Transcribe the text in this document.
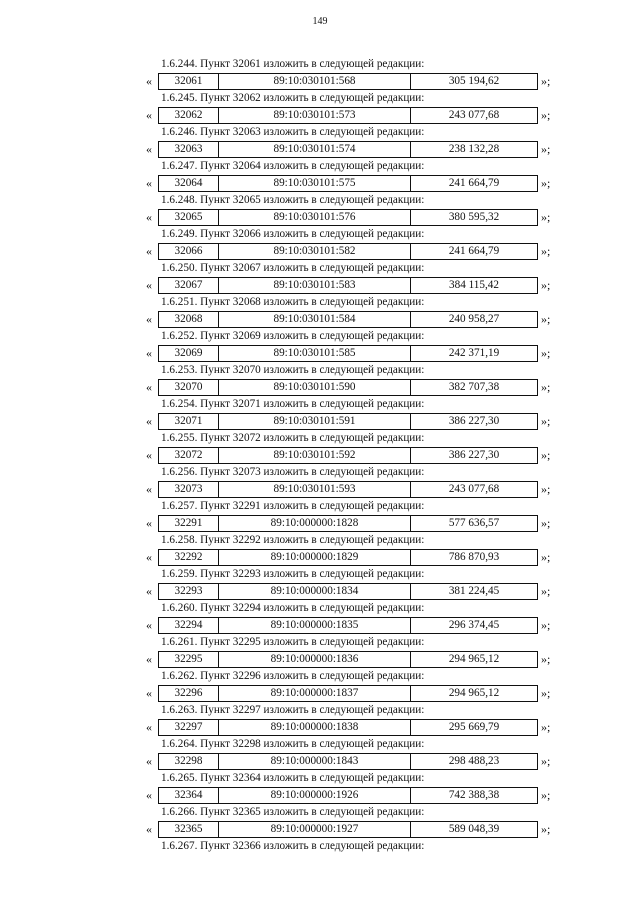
149
1.6.244. Пункт 32061 изложить в следующей редакции:
«	32061	89:10:030101:568	305 194,62	»;
1.6.245. Пункт 32062 изложить в следующей редакции:
«	32062	89:10:030101:573	243 077,68	»;
1.6.246. Пункт 32063 изложить в следующей редакции:
«	32063	89:10:030101:574	238 132,28	»;
1.6.247. Пункт 32064 изложить в следующей редакции:
«	32064	89:10:030101:575	241 664,79	»;
1.6.248. Пункт 32065 изложить в следующей редакции:
«	32065	89:10:030101:576	380 595,32	»;
1.6.249. Пункт 32066 изложить в следующей редакции:
«	32066	89:10:030101:582	241 664,79	»;
1.6.250. Пункт 32067 изложить в следующей редакции:
«	32067	89:10:030101:583	384 115,42	»;
1.6.251. Пункт 32068 изложить в следующей редакции:
«	32068	89:10:030101:584	240 958,27	»;
1.6.252. Пункт 32069 изложить в следующей редакции:
«	32069	89:10:030101:585	242 371,19	»;
1.6.253. Пункт 32070 изложить в следующей редакции:
«	32070	89:10:030101:590	382 707,38	»;
1.6.254. Пункт 32071 изложить в следующей редакции:
«	32071	89:10:030101:591	386 227,30	»;
1.6.255. Пункт 32072 изложить в следующей редакции:
«	32072	89:10:030101:592	386 227,30	»;
1.6.256. Пункт 32073 изложить в следующей редакции:
«	32073	89:10:030101:593	243 077,68	»;
1.6.257. Пункт 32291 изложить в следующей редакции:
«	32291	89:10:000000:1828	577 636,57	»;
1.6.258. Пункт 32292 изложить в следующей редакции:
«	32292	89:10:000000:1829	786 870,93	»;
1.6.259. Пункт 32293 изложить в следующей редакции:
«	32293	89:10:000000:1834	381 224,45	»;
1.6.260. Пункт 32294 изложить в следующей редакции:
«	32294	89:10:000000:1835	296 374,45	»;
1.6.261. Пункт 32295 изложить в следующей редакции:
«	32295	89:10:000000:1836	294 965,12	»;
1.6.262. Пункт 32296 изложить в следующей редакции:
«	32296	89:10:000000:1837	294 965,12	»;
1.6.263. Пункт 32297 изложить в следующей редакции:
«	32297	89:10:000000:1838	295 669,79	»;
1.6.264. Пункт 32298 изложить в следующей редакции:
«	32298	89:10:000000:1843	298 488,23	»;
1.6.265. Пункт 32364 изложить в следующей редакции:
«	32364	89:10:000000:1926	742 388,38	»;
1.6.266. Пункт 32365 изложить в следующей редакции:
«	32365	89:10:000000:1927	589 048,39	»;
1.6.267. Пункт 32366 изложить в следующей редакции:
